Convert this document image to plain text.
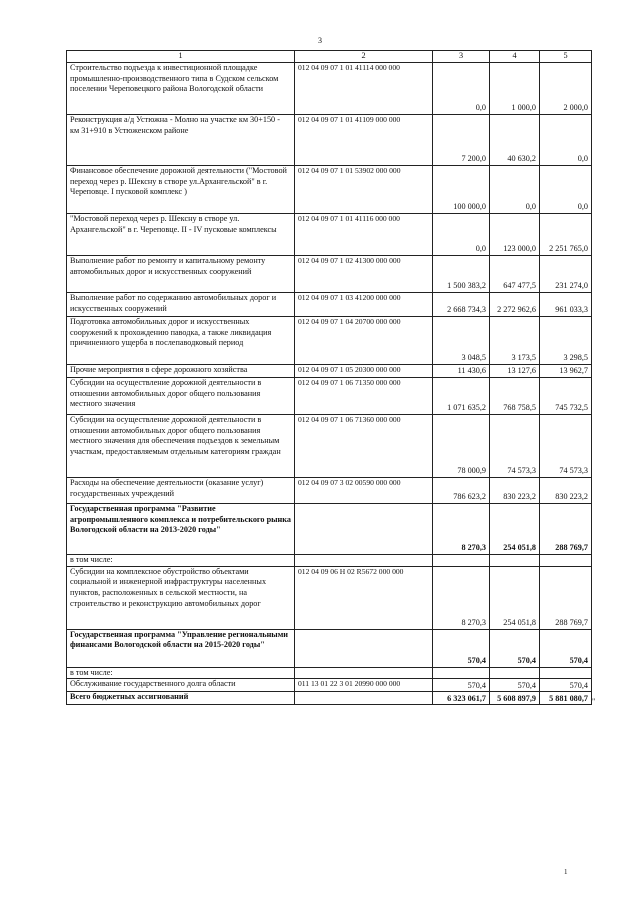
3
1	2	3	4	5
Строительство подъезда к инвестиционной площадке промышленно-производственного типа в Судском сельском поселении Череповецкого района Вологодской области	012 04 09 07 1 01 41114 000 000	0,0	1 000,0	2 000,0
Реконструкция а/д Устюжна - Молно на участке км 30+150 - км 31+910 в Устюженском районе	012 04 09 07 1 01 41109 000 000	7 200,0	40 630,2	0,0
Финансовое обеспечение дорожной деятельности ("Мостовой переход через р. Шексну в створе ул.Архангельской" в г. Череповце. I пусковой комплекс )	012 04 09 07 1 01 53902 000 000	100 000,0	0,0	0,0
"Мостовой переход через р. Шексну в створе ул. Архангельской" в г. Череповце. II - IV пусковые комплексы	012 04 09 07 1 01 41116 000 000	0,0	123 000,0	2 251 765,0
Выполнение работ по ремонту и капитальному ремонту автомобильных дорог и искусственных сооружений	012 04 09 07 1 02 41300 000 000	1 500 383,2	647 477,5	231 274,0
Выполнение работ по содержанию автомобильных дорог и искусственных сооружений	012 04 09 07 1 03 41200 000 000	2 668 734,3	2 272 962,6	961 033,3
Подготовка автомобильных дорог и искусственных сооружений к прохождению паводка, а также ликвидация причиненного ущерба в послепаводковый период	012 04 09 07 1 04 20700 000 000	3 048,5	3 173,5	3 298,5
Прочие мероприятия в сфере дорожного хозяйства	012 04 09 07 1 05 20300 000 000	11 430,6	13 127,6	13 962,7
Субсидии на осуществление дорожной деятельности в отношении автомобильных дорог общего пользования местного значения	012 04 09 07 1 06 71350 000 000	1 071 635,2	768 758,5	745 732,5
Субсидии на осуществление дорожной деятельности в отношении автомобильных дорог общего пользования местного значения для обеспечения подъездов к земельным участкам, предоставляемым отдельным категориям граждан	012 04 09 07 1 06 71360 000 000	78 000,9	74 573,3	74 573,3
Расходы на обеспечение деятельности (оказание услуг) государственных учреждений	012 04 09 07 3 02 00590 000 000	786 623,2	830 223,2	830 223,2
Государственная программа "Развитие агропромышленного комплекса и потребительского рынка Вологодской области на 2013-2020 годы"		8 270,3	254 051,8	288 769,7
в том числе:				
Субсидии на комплексное обустройство объектами социальной и инженерной инфраструктуры населенных пунктов, расположенных в сельской местности, на строительство и реконструкцию автомобильных дорог	012 04 09 06 Н 02 R5672 000 000	8 270,3	254 051,8	288 769,7
Государственная программа "Управление региональными финансами Вологодской области на 2015-2020 годы"		570,4	570,4	570,4
в том числе:				
Обслуживание государственного долга области	011 13 01 22 3 01 20990 000 000	570,4	570,4	570,4
Всего бюджетных ассигнований		6 323 061,7	5 608 897,9	5 881 080,7 "
1
